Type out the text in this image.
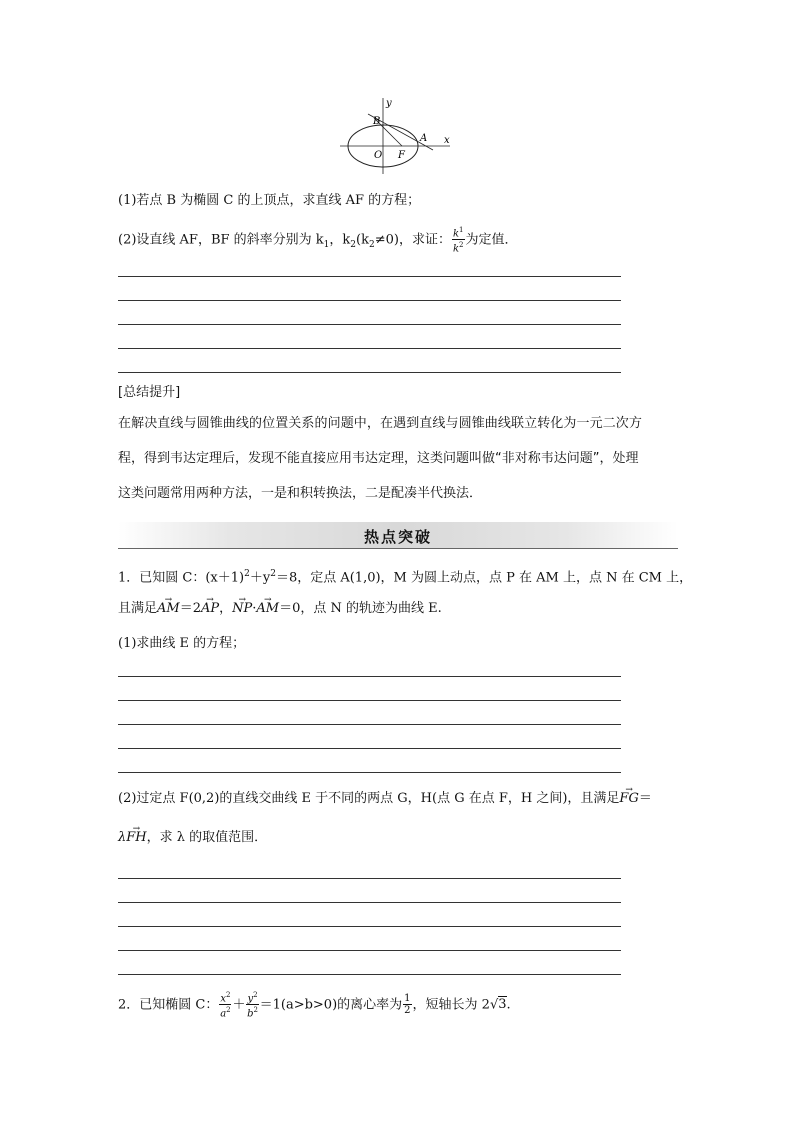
y
x
B
A
O F
(1)若点 B 为椭圆 C 的上顶点，求直线 AF 的方程；
(2)设直线 AF，BF 的斜率分别为 $k_1$，$k_2(k_2\ne 0)$，求证： $\frac{k^1}{k^2}$ 为定值．
[总结提升]
在解决直线与圆锥曲线的位置关系的问题中，在遇到直线与圆锥曲线联立转化为一元二次方
程，得到韦达定理后，发现不能直接应用韦达定理，这类问题叫做“非对称韦达问题”，处理
这类问题常用两种方法，一是和积转换法，二是配凑半代换法．
热点突破
1．已知圆 C：$(x+1)^2+y^2=8$，定点 A(1,0)，M 为圆上动点，点 P 在 AM 上，点 N 在 CM 上，
且满足→ AM＝2→ AP，→ NP·→ AM＝0，点 N 的轨迹为曲线 E.
(1)求曲线 E 的方程；
(2)过定点 F(0,2)的直线交曲线 E 于不同的两点 G，H(点 G 在点 F，H 之间)，且满足→ FG＝
λ→ FH，求 λ 的取值范围．
2．已知椭圆 C： $\frac{x^2}{a^2} + \frac{y^2}{b^2} =1(a>b>0)$的离心率为 $\frac{1}{2}$ ，短轴长为 2√3.
